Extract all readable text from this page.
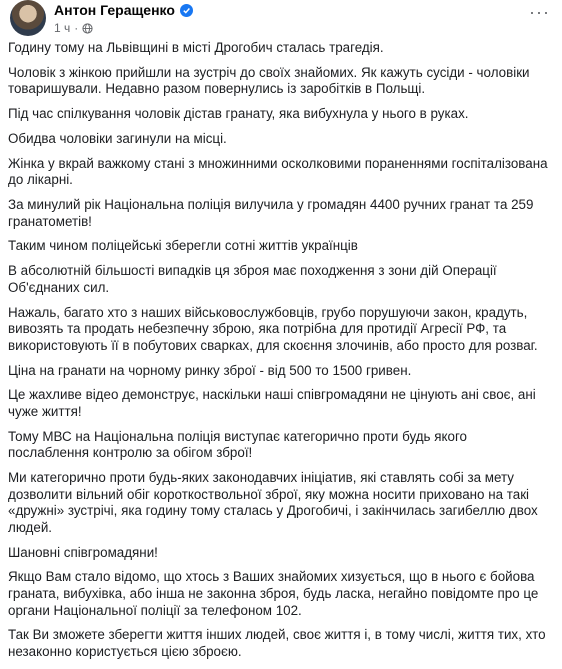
Антон Геращенко
1 ч ·
···

Годину тому на Львівщині в місті Дрогобич сталась трагедія.

Чоловік з жінкою прийшли на зустріч до своїх знайомих. Як кажуть сусіди - чоловіки товаришували. Недавно разом повернулись із заробітків в Польщі.

Під час спілкування чоловік дістав гранату, яка вибухнула у нього в руках.

Обидва чоловіки загинули на місці.

Жінка у вкрай важкому стані з множинними осколковими пораненнями госпіталізована до лікарні.

За минулий рік Національна поліція вилучила у громадян 4400 ручних гранат та 259 гранатометів!

Таким чином поліцейські зберегли сотні життів українців

В абсолютній більшості випадків ця зброя має походження з зони дій Операції Об'єднаних сил.

Нажаль, багато хто з наших військовослужбовців, грубо порушуючи закон, крадуть, вивозять та продать небезпечну зброю, яка потрібна для протидії Агресії РФ, та використовують її в побутових сварках, для скоєння злочинів, або просто для розваг.

Ціна на гранати на чорному ринку зброї - від 500 то 1500 гривен.

Це жахливе відео демонструє, наскільки наші співгромадяни не цінують ані своє, ані чуже життя!

Тому МВС на Національна поліція виступає категорично проти будь якого послаблення контролю за обігом зброї!

Ми категорично проти будь-яких законодавчих ініціатив, які ставлять собі за мету дозволити вільний обіг короткоствольної зброї, яку можна носити приховано на такі «дружні» зустрічі, яка годину тому сталась у Дрогобичі, і закінчилась загибеллю двох людей.

Шановні співгромадяни!

Якщо Вам стало відомо, що хтось з Ваших знайомих хизується, що в нього є бойова граната, вибухівка, або інша не законна зброя, будь ласка, негайно повідомте про це органи Національної поліції за телефоном 102.

Так Ви зможете зберегти життя інших людей, своє життя і, в тому числі, життя тих, хто незаконно користується цією зброєю.
